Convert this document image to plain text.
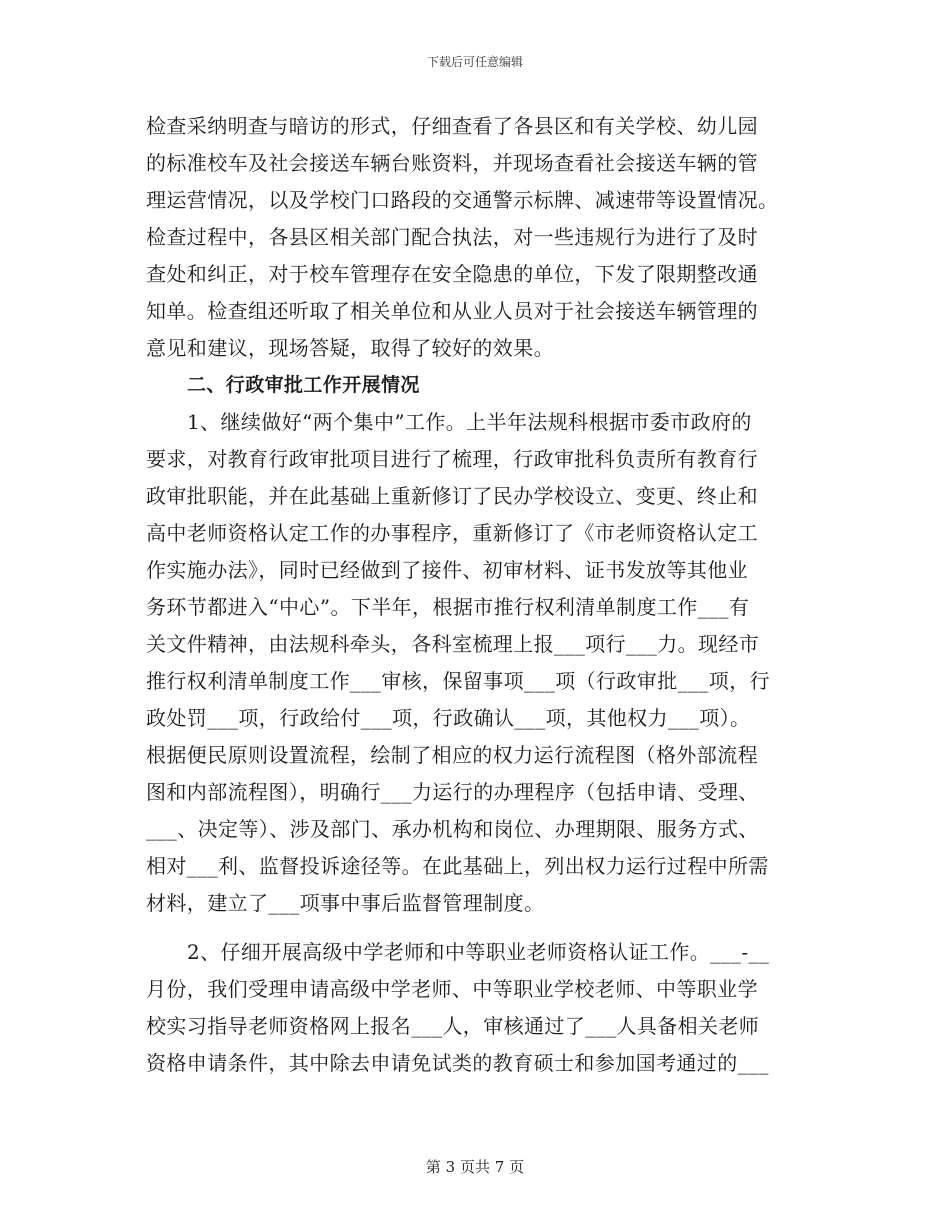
下载后可任意编辑
检查采纳明查与暗访的形式，仔细查看了各县区和有关学校、幼儿园
的标准校车及社会接送车辆台账资料，并现场查看社会接送车辆的管
理运营情况，以及学校门口路段的交通警示标牌、减速带等设置情况。
检查过程中，各县区相关部门配合执法，对一些违规行为进行了及时
查处和纠正，对于校车管理存在安全隐患的单位，下发了限期整改通
知单。检查组还听取了相关单位和从业人员对于社会接送车辆管理的
意见和建议，现场答疑，取得了较好的效果。
二、行政审批工作开展情况
1、继续做好“两个集中”工作。上半年法规科根据市委市政府的
要求，对教育行政审批项目进行了梳理，行政审批科负责所有教育行
政审批职能，并在此基础上重新修订了民办学校设立、变更、终止和
高中老师资格认定工作的办事程序，重新修订了《市老师资格认定工
作实施办法》，同时已经做到了接件、初审材料、证书发放等其他业
务环节都进入“中心”。下半年，根据市推行权利清单制度工作___有
关文件精神，由法规科牵头，各科室梳理上报___项行___力。现经市
推行权利清单制度工作___审核，保留事项___项（行政审批___项，行
政处罚___项，行政给付___项，行政确认___项，其他权力___项）。
根据便民原则设置流程，绘制了相应的权力运行流程图（格外部流程
图和内部流程图），明确行___力运行的办理程序（包括申请、受理、
___、决定等）、涉及部门、承办机构和岗位、办理期限、服务方式、
相对___利、监督投诉途径等。在此基础上，列出权力运行过程中所需
材料，建立了___项事中事后监督管理制度。
2、仔细开展高级中学老师和中等职业老师资格认证工作。___-__
月份，我们受理申请高级中学老师、中等职业学校老师、中等职业学
校实习指导老师资格网上报名___人，审核通过了___人具备相关老师
资格申请条件，其中除去申请免试类的教育硕士和参加国考通过的___
第 3 页共 7 页
